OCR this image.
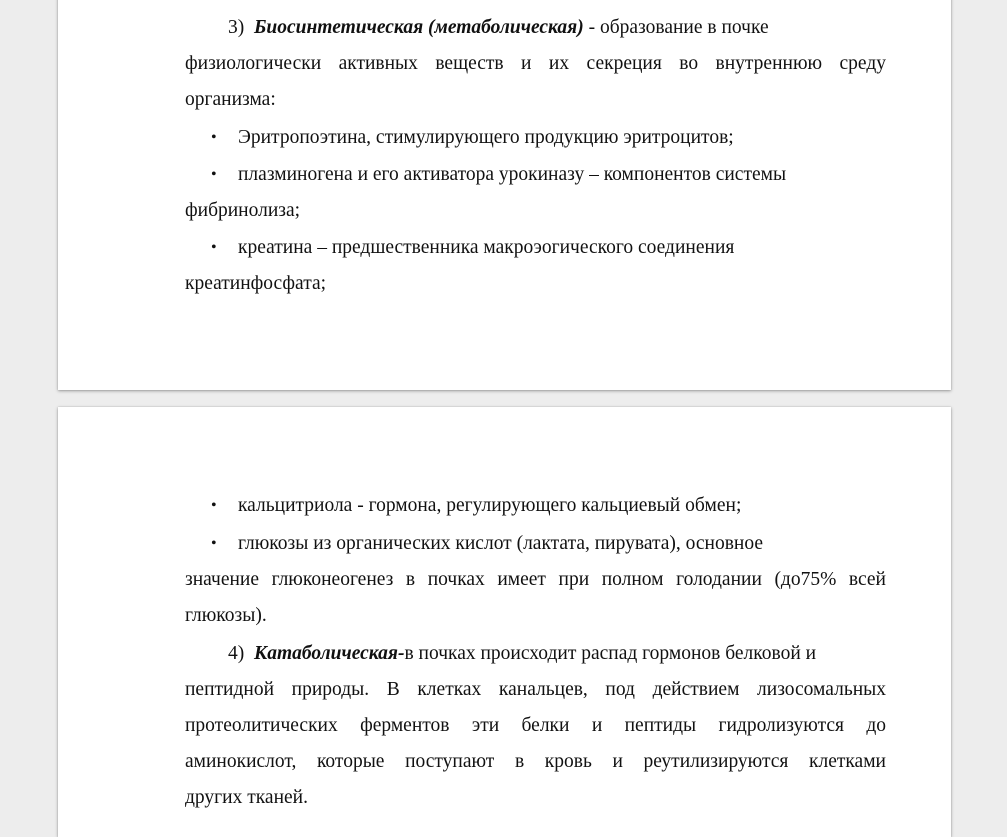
3) Биосинтетическая (метаболическая) - образование в почке
физиологически активных веществ и их секреция во внутреннюю среду
организма:
• Эритропоэтина, стимулирующего продукцию эритроцитов;
• плазминогена и его активатора урокиназу – компонентов системы
фибринолиза;
• креатина – предшественника макроэогического соединения
креатинфосфата;
• кальцитриола - гормона, регулирующего кальциевый обмен;
• глюкозы из органических кислот (лактата, пирувата), основное
значение глюконеогенез в почках имеет при полном голодании (до75% всей
глюкозы).
4) Катаболическая-в почках происходит распад гормонов белковой и
пептидной природы. В клетках канальцев, под действием лизосомальных
протеолитических ферментов эти белки и пептиды гидролизуются до
аминокислот, которые поступают в кровь и реутилизируются клетками
других тканей.
